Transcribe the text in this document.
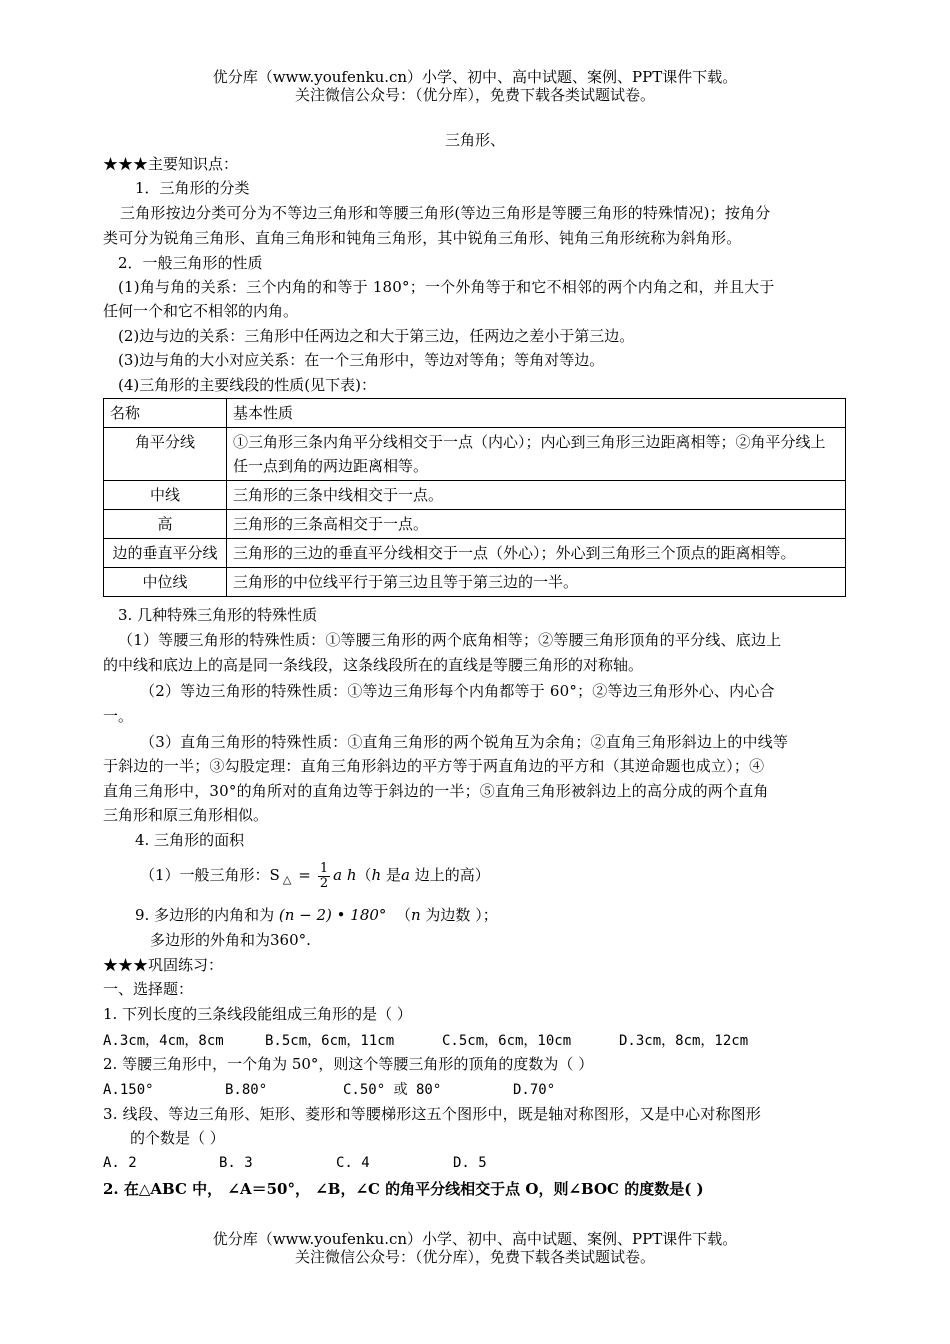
优分库（www.youfenku.cn）小学、初中、高中试题、案例、PPT课件下载。
关注微信公众号：（优分库），免费下载各类试题试卷。
三角形、
★★★主要知识点：
1．三角形的分类
三角形按边分类可分为不等边三角形和等腰三角形(等边三角形是等腰三角形的特殊情况)；按角分
类可分为锐角三角形、直角三角形和钝角三角形，其中锐角三角形、钝角三角形统称为斜角形。
2．一般三角形的性质
(1)角与角的关系：三个内角的和等于 180°；一个外角等于和它不相邻的两个内角之和，并且大于
任何一个和它不相邻的内角。
(2)边与边的关系：三角形中任两边之和大于第三边，任两边之差小于第三边。
(3)边与角的大小对应关系：在一个三角形中，等边对等角；等角对等边。
(4)三角形的主要线段的性质(见下表)：
名称	基本性质
角平分线	①三角形三条内角平分线相交于一点（内心）；内心到三角形三边距离相等；②角平分线上任一点到角的两边距离相等。
中线	三角形的三条中线相交于一点。
高	三角形的三条高相交于一点。
边的垂直平分线	三角形的三边的垂直平分线相交于一点（外心）；外心到三角形三个顶点的距离相等。
中位线	三角形的中位线平行于第三边且等于第三边的一半。
3. 几种特殊三角形的特殊性质
（1）等腰三角形的特殊性质：①等腰三角形的两个底角相等；②等腰三角形顶角的平分线、底边上
的中线和底边上的高是同一条线段，这条线段所在的直线是等腰三角形的对称轴。
（2）等边三角形的特殊性质：①等边三角形每个内角都等于 60°；②等边三角形外心、内心合
一。
（3）直角三角形的特殊性质：①直角三角形的两个锐角互为余角；②直角三角形斜边上的中线等
于斜边的一半；③勾股定理：直角三角形斜边的平方等于两直角边的平方和（其逆命题也成立）；④
直角三角形中，30°的角所对的直角边等于斜边的一半；⑤直角三角形被斜边上的高分成的两个直角
三角形和原三角形相似。
4. 三角形的面积
（1）一般三角形：S $_\triangle = \frac{1}{2}$ a h（h 是a 边上的高）
9. 多边形的内角和为 (n − 2) • 180° （n 为边数 ）；
多边形的外角和为360°.
★★★巩固练习：
一、选择题：
1. 下列长度的三条线段能组成三角形的是（ ）
A.3cm，4cm，8cm	B.5cm，6cm，11cm	C.5cm，6cm，10cm	D.3cm，8cm，12cm
2. 等腰三角形中，一个角为 50°，则这个等腰三角形的顶角的度数为（ ）
A.150°	B.80°	C.50° 或 80°	D.70°
3. 线段、等边三角形、矩形、菱形和等腰梯形这五个图形中，既是轴对称图形，又是中心对称图形
的个数是（ ）
A. 2	B. 3	C. 4	D. 5
2. 在△ABC 中， ∠A＝50°， ∠B，∠C 的角平分线相交于点 O，则∠BOC 的度数是( )
优分库（www.youfenku.cn）小学、初中、高中试题、案例、PPT课件下载。
关注微信公众号：（优分库），免费下载各类试题试卷。
